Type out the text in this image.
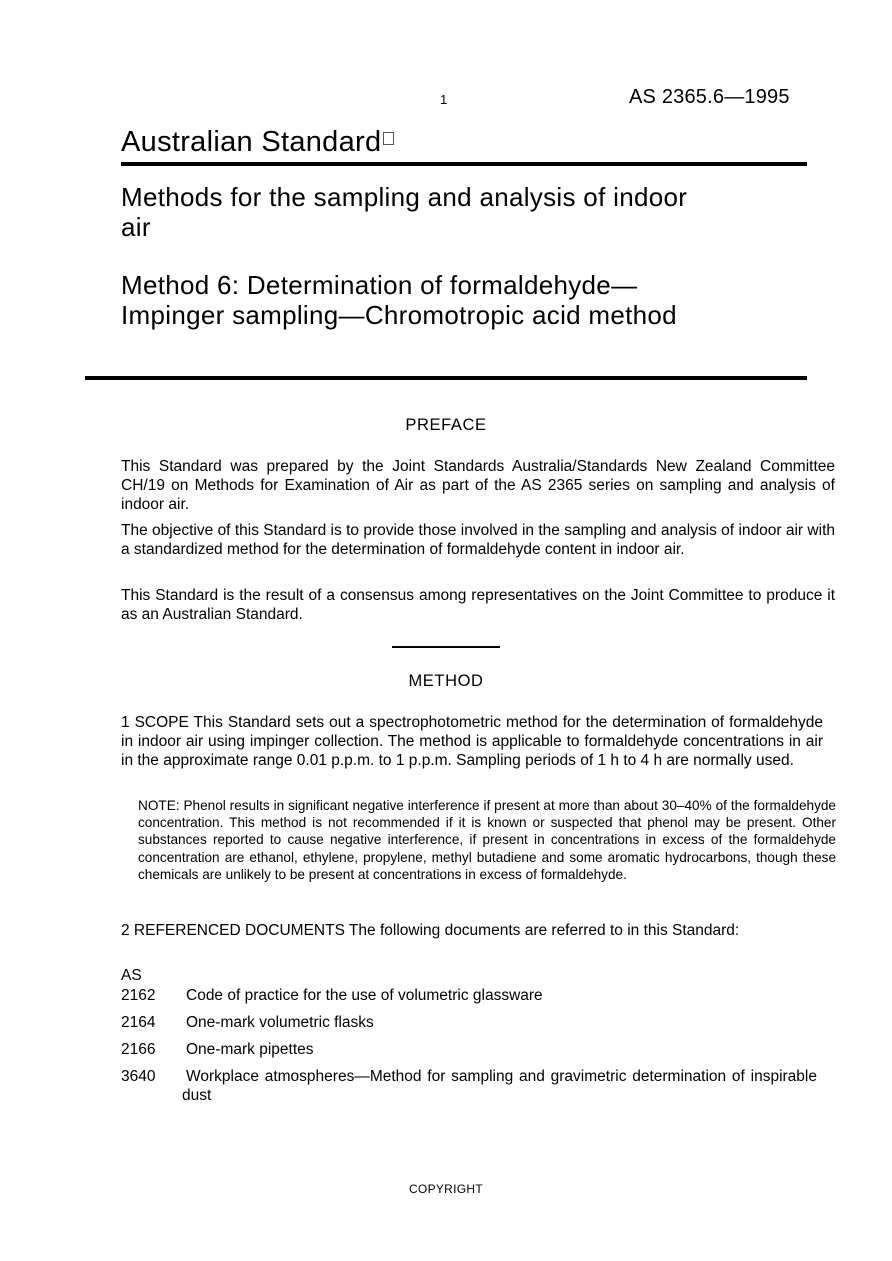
1	AS 2365.6—1995
Australian Standard
Methods for the sampling and analysis of indoor air
Method 6: Determination of formaldehyde— Impinger sampling—Chromotropic acid method
PREFACE
This Standard was prepared by the Joint Standards Australia/Standards New Zealand Committee CH/19 on Methods for Examination of Air as part of the AS 2365 series on sampling and analysis of indoor air.
The objective of this Standard is to provide those involved in the sampling and analysis of indoor air with a standardized method for the determination of formaldehyde content in indoor air.
This Standard is the result of a consensus among representatives on the Joint Committee to produce it as an Australian Standard.
METHOD
1 SCOPE This Standard sets out a spectrophotometric method for the determination of formaldehyde in indoor air using impinger collection. The method is applicable to formaldehyde concentrations in air in the approximate range 0.01 p.p.m. to 1 p.p.m. Sampling periods of 1 h to 4 h are normally used.
NOTE: Phenol results in significant negative interference if present at more than about 30–40% of the formaldehyde concentration. This method is not recommended if it is known or suspected that phenol may be present. Other substances reported to cause negative interference, if present in concentrations in excess of the formaldehyde concentration are ethanol, ethylene, propylene, methyl butadiene and some aromatic hydrocarbons, though these chemicals are unlikely to be present at concentrations in excess of formaldehyde.
2 REFERENCED DOCUMENTS The following documents are referred to in this Standard:
AS
2162 Code of practice for the use of volumetric glassware
2164 One-mark volumetric flasks
2166 One-mark pipettes
3640 Workplace atmospheres—Method for sampling and gravimetric determination of inspirable dust
COPYRIGHT
